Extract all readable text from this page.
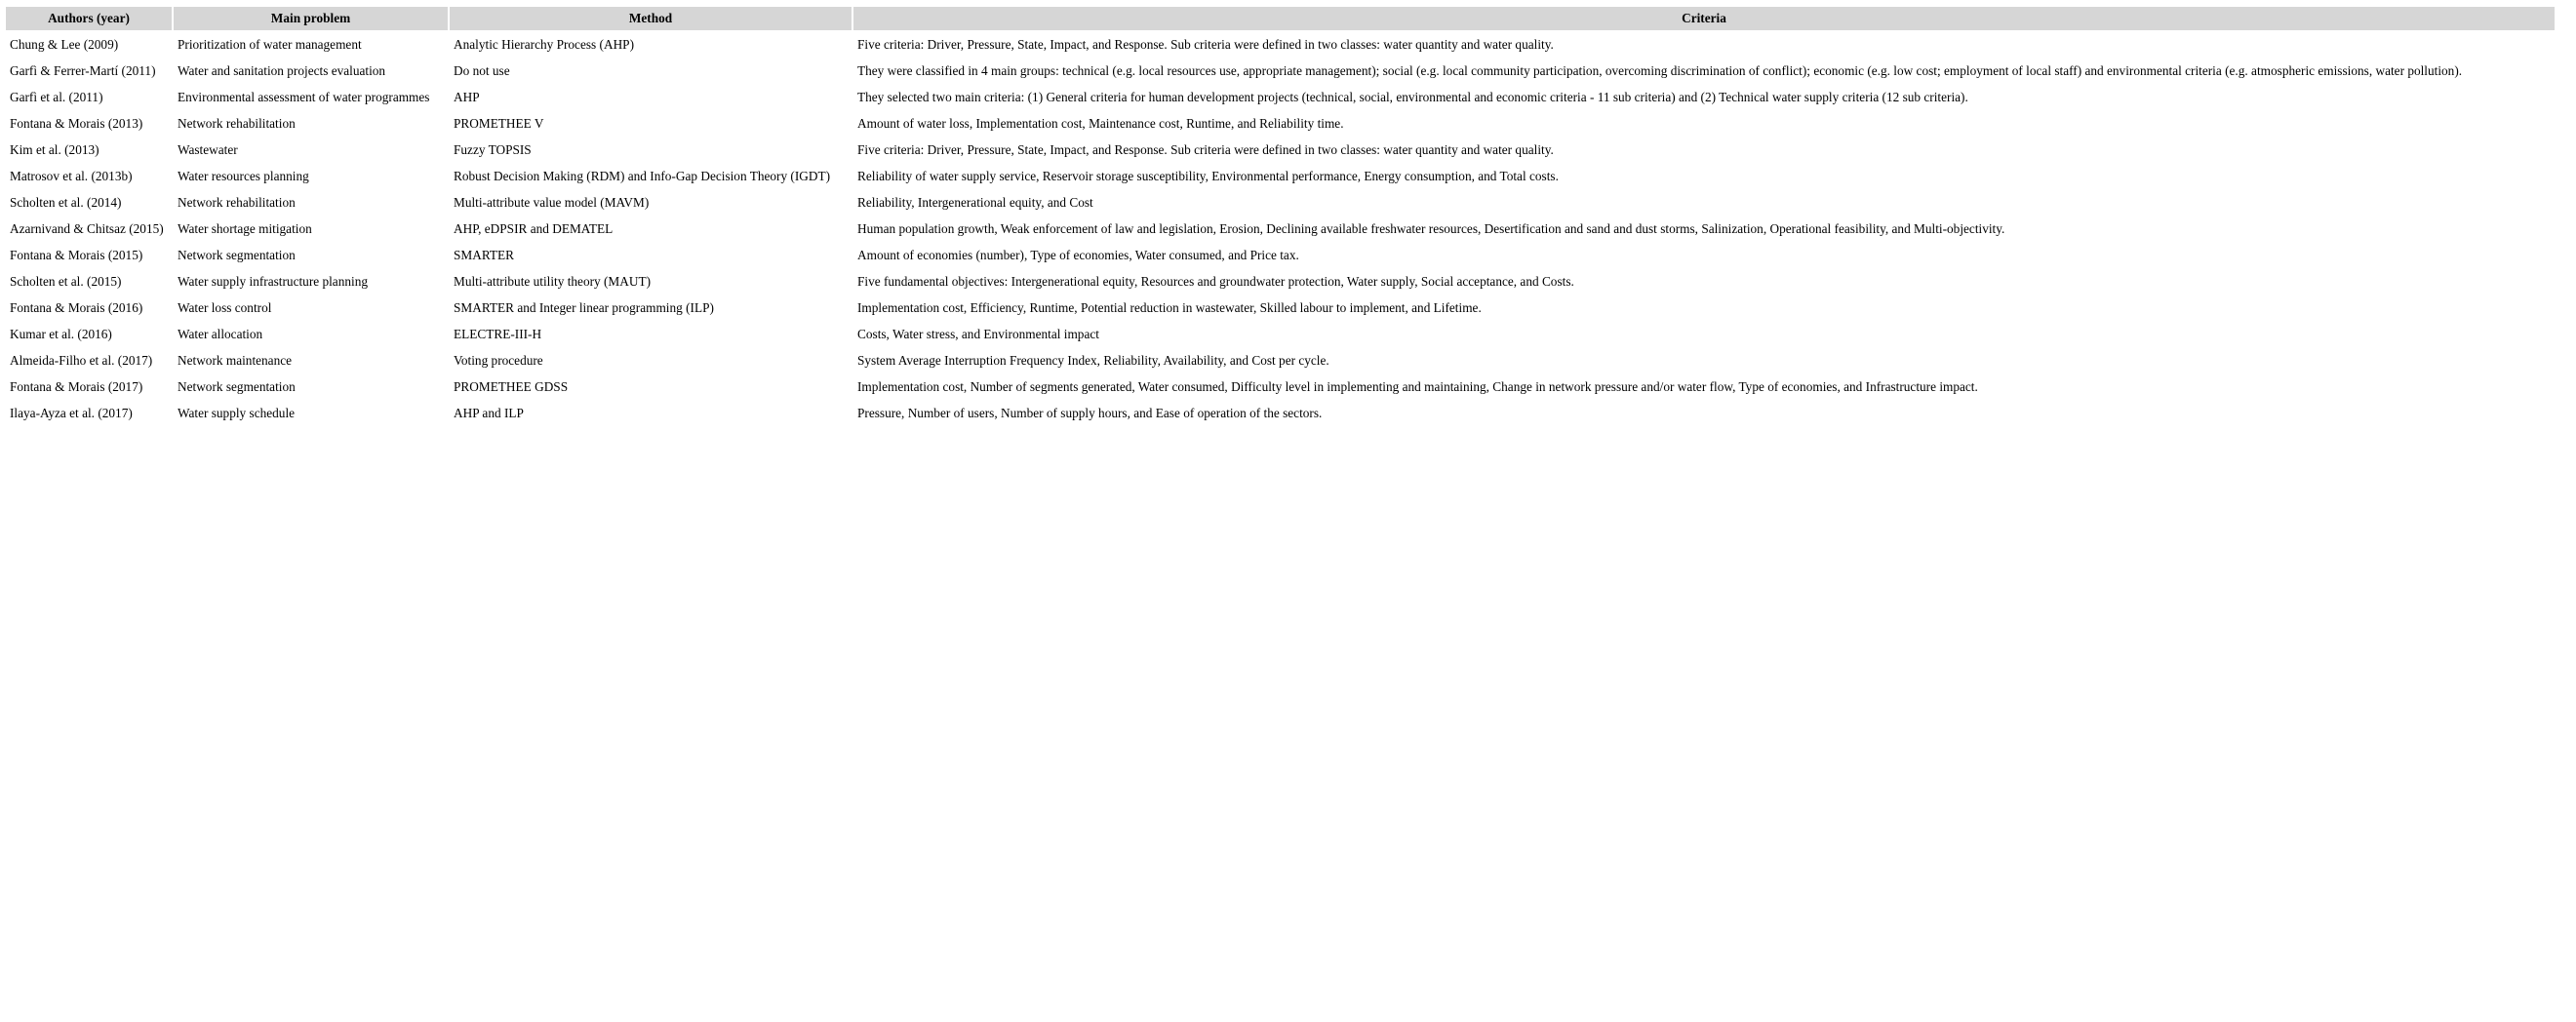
Authors (year)	Main problem	Method	Criteria
Chung & Lee (2009)	Prioritization of water management	Analytic Hierarchy Process (AHP)	Five criteria: Driver, Pressure, State, Impact, and Response. Sub criteria were defined in two classes: water quantity and water quality.
Garfì & Ferrer-Martí (2011)	Water and sanitation projects evaluation	Do not use	They were classified in 4 main groups: technical (e.g. local resources use, appropriate management); social (e.g. local community participation, overcoming discrimination of conflict); economic (e.g. low cost; employment of local staff) and environmental criteria (e.g. atmospheric emissions, water pollution).
Garfì et al. (2011)	Environmental assessment of water programmes	AHP	They selected two main criteria: (1) General criteria for human development projects (technical, social, environmental and economic criteria - 11 sub criteria) and (2) Technical water supply criteria (12 sub criteria).
Fontana & Morais (2013)	Network rehabilitation	PROMETHEE V	Amount of water loss, Implementation cost, Maintenance cost, Runtime, and Reliability time.
Kim et al. (2013)	Wastewater	Fuzzy TOPSIS	Five criteria: Driver, Pressure, State, Impact, and Response. Sub criteria were defined in two classes: water quantity and water quality.
Matrosov et al. (2013b)	Water resources planning	Robust Decision Making (RDM) and Info-Gap Decision Theory (IGDT)	Reliability of water supply service, Reservoir storage susceptibility, Environmental performance, Energy consumption, and Total costs.
Scholten et al. (2014)	Network rehabilitation	Multi-attribute value model (MAVM)	Reliability, Intergenerational equity, and Cost
Azarnivand & Chitsaz (2015)	Water shortage mitigation	AHP, eDPSIR and DEMATEL	Human population growth, Weak enforcement of law and legislation, Erosion, Declining available freshwater resources, Desertification and sand and dust storms, Salinization, Operational feasibility, and Multi-objectivity.
Fontana & Morais (2015)	Network segmentation	SMARTER	Amount of economies (number), Type of economies, Water consumed, and Price tax.
Scholten et al. (2015)	Water supply infrastructure planning	Multi-attribute utility theory (MAUT)	Five fundamental objectives: Intergenerational equity, Resources and groundwater protection, Water supply, Social acceptance, and Costs.
Fontana & Morais (2016)	Water loss control	SMARTER and Integer linear programming (ILP)	Implementation cost, Efficiency, Runtime, Potential reduction in wastewater, Skilled labour to implement, and Lifetime.
Kumar et al. (2016)	Water allocation	ELECTRE-III-H	Costs, Water stress, and Environmental impact
Almeida-Filho et al. (2017)	Network maintenance	Voting procedure	System Average Interruption Frequency Index, Reliability, Availability, and Cost per cycle.
Fontana & Morais (2017)	Network segmentation	PROMETHEE GDSS	Implementation cost, Number of segments generated, Water consumed, Difficulty level in implementing and maintaining, Change in network pressure and/or water flow, Type of economies, and Infrastructure impact.
Ilaya-Ayza et al. (2017)	Water supply schedule	AHP and ILP	Pressure, Number of users, Number of supply hours, and Ease of operation of the sectors.
